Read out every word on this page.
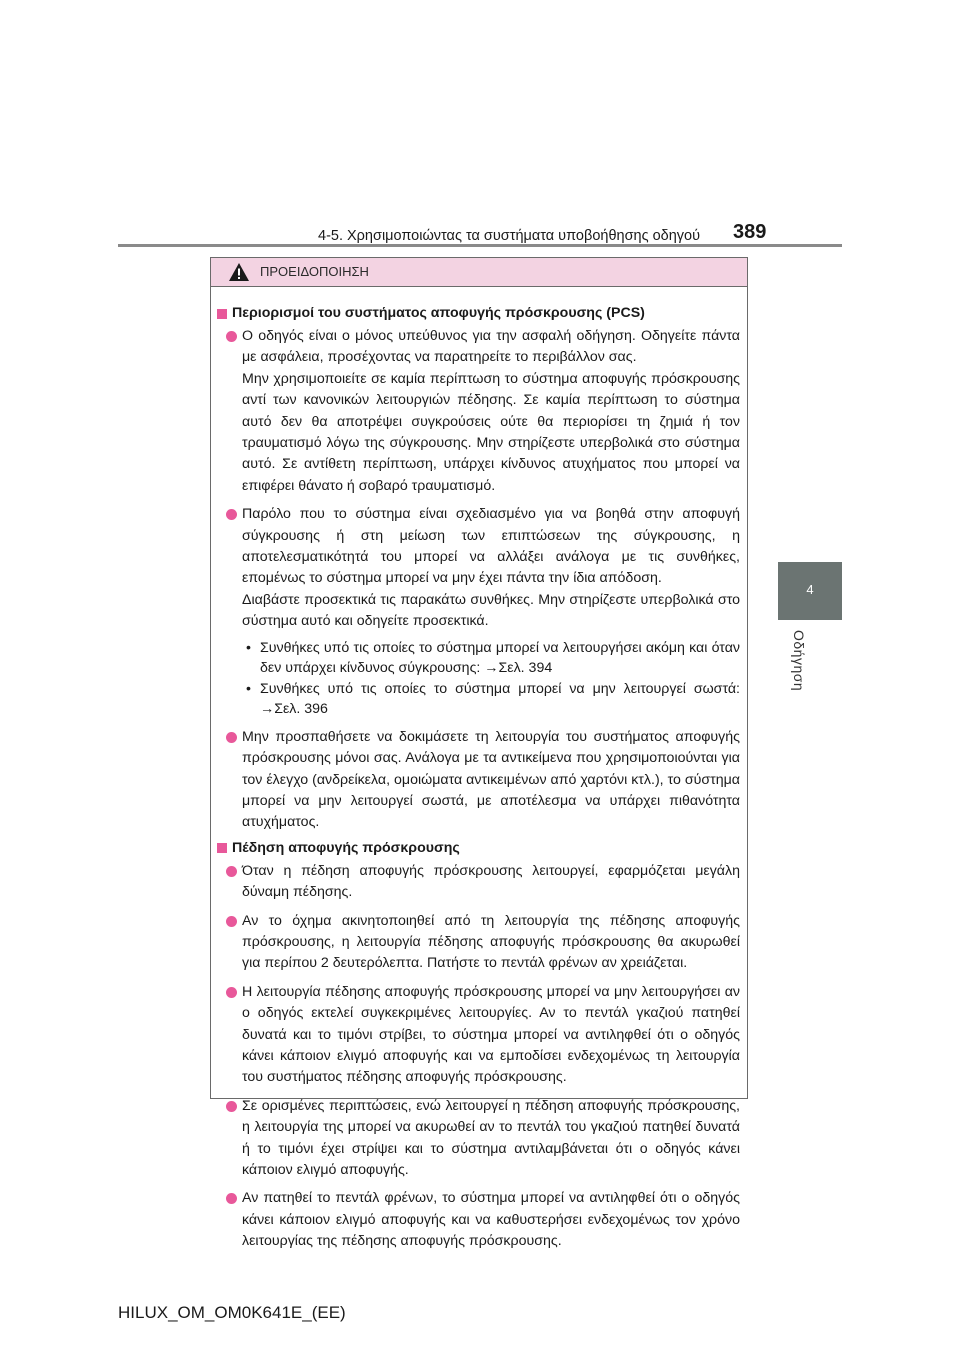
4-5. Χρησιμοποιώντας τα συστήματα υποβοήθησης οδηγού	389
4
Οδήγηση
ΠΡΟΕΙΔΟΠΟΙΗΣΗ
Περιορισμοί του συστήματος αποφυγής πρόσκρουσης (PCS)

Ο οδηγός είναι ο μόνος υπεύθυνος για την ασφαλή οδήγηση. Οδηγείτε πάντα με ασφάλεια, προσέχοντας να παρατηρείτε το περιβάλλον σας.

Μην χρησιμοποιείτε σε καμία περίπτωση το σύστημα αποφυγής πρόσκρουσης αντί των κανονικών λειτουργιών πέδησης. Σε καμία περίπτωση το σύστημα αυτό δεν θα αποτρέψει συγκρούσεις ούτε θα περιορίσει τη ζημιά ή τον τραυματισμό λόγω της σύγκρουσης. Μην στηρίζεστε υπερβολικά στο σύστημα αυτό. Σε αντίθετη περίπτωση, υπάρχει κίνδυνος ατυχήματος που μπορεί να επιφέρει θάνατο ή σοβαρό τραυματισμό.

Παρόλο που το σύστημα είναι σχεδιασμένο για να βοηθά στην αποφυγή σύγκρουσης ή στη μείωση των επιπτώσεων της σύγκρουσης, η αποτελεσματικότητά του μπορεί να αλλάξει ανάλογα με τις συνθήκες, επομένως το σύστημα μπορεί να μην έχει πάντα την ίδια απόδοση.

Διαβάστε προσεκτικά τις παρακάτω συνθήκες. Μην στηρίζεστε υπερβολικά στο σύστημα αυτό και οδηγείτε προσεκτικά.

• Συνθήκες υπό τις οποίες το σύστημα μπορεί να λειτουργήσει ακόμη και όταν δεν υπάρχει κίνδυνος σύγκρουσης: →Σελ. 394
• Συνθήκες υπό τις οποίες το σύστημα μπορεί να μην λειτουργεί σωστά: →Σελ. 396

Μην προσπαθήσετε να δοκιμάσετε τη λειτουργία του συστήματος αποφυγής πρόσκρουσης μόνοι σας. Ανάλογα με τα αντικείμενα που χρησιμοποιούνται για τον έλεγχο (ανδρείκελα, ομοιώματα αντικειμένων από χαρτόνι κτλ.), το σύστημα μπορεί να μην λειτουργεί σωστά, με αποτέλεσμα να υπάρχει πιθανότητα ατυχήματος.

Πέδηση αποφυγής πρόσκρουσης

Όταν η πέδηση αποφυγής πρόσκρουσης λειτουργεί, εφαρμόζεται μεγάλη δύναμη πέδησης.

Αν το όχημα ακινητοποιηθεί από τη λειτουργία της πέδησης αποφυγής πρόσκρουσης, η λειτουργία πέδησης αποφυγής πρόσκρουσης θα ακυρωθεί για περίπου 2 δευτερόλεπτα. Πατήστε το πεντάλ φρένων αν χρειάζεται.

Η λειτουργία πέδησης αποφυγής πρόσκρουσης μπορεί να μην λειτουργήσει αν ο οδηγός εκτελεί συγκεκριμένες λειτουργίες. Αν το πεντάλ γκαζιού πατηθεί δυνατά και το τιμόνι στρίβει, το σύστημα μπορεί να αντιληφθεί ότι ο οδηγός κάνει κάποιον ελιγμό αποφυγής και να εμποδίσει ενδεχομένως τη λειτουργία του συστήματος πέδησης αποφυγής πρόσκρουσης.

Σε ορισμένες περιπτώσεις, ενώ λειτουργεί η πέδηση αποφυγής πρόσκρουσης, η λειτουργία της μπορεί να ακυρωθεί αν το πεντάλ του γκαζιού πατηθεί δυνατά ή το τιμόνι έχει στρίψει και το σύστημα αντιλαμβάνεται ότι ο οδηγός κάνει κάποιον ελιγμό αποφυγής.

Αν πατηθεί το πεντάλ φρένων, το σύστημα μπορεί να αντιληφθεί ότι ο οδηγός κάνει κάποιον ελιγμό αποφυγής και να καθυστερήσει ενδεχομένως τον χρόνο λειτουργίας της πέδησης αποφυγής πρόσκρουσης.

HILUX_OM_OM0K641E_(EE)
